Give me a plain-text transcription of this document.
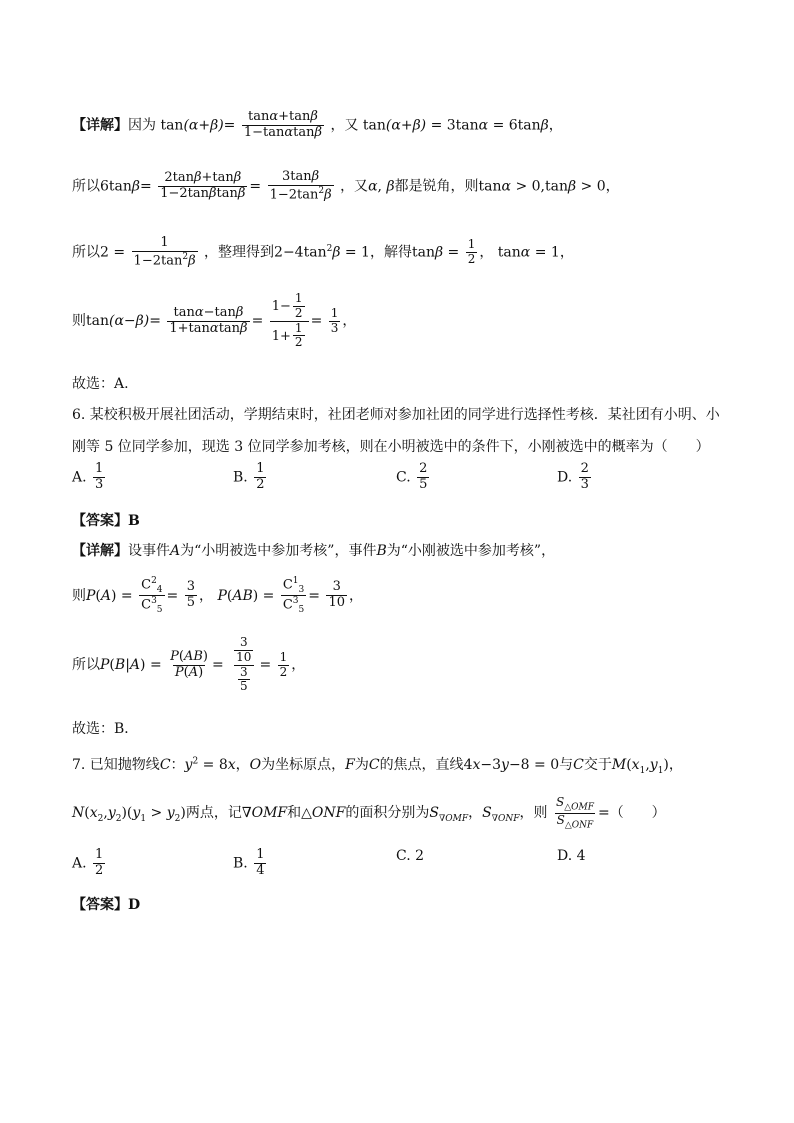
【详解】因为 $\tan(\alpha+\beta)= \frac{\tan\alpha+\tan\beta}{1-\tan\alpha\tan\beta}$ ，又 tan(α+β) = 3tanα = 6tanβ，
所以$6\tan\beta= \frac{2\tan\beta+\tan\beta}{1-2\tan\beta\tan\beta} = \frac{3\tan\beta}{1-2\tan^2\beta}$ ，又α, β都是锐角，则tanα > 0,tanβ > 0，
所以$2 = \frac{1}{1-2\tan^2\beta}$ ，整理得到$2-4\tan^2\beta = 1$，解得$\tan\beta = \frac{1}{2}$ ， tanα = 1，
则$\tan(\alpha-\beta)= \frac{\tan\alpha-\tan\beta}{1+\tan\alpha\tan\beta} = \frac{1- \frac{1}{2}}{1+ \frac{1}{2}} = \frac{1}{3}$ ，
故选：A.
6. 某校积极开展社团活动，学期结束时，社团老师对参加社团的同学进行选择性考核．某社团有小明、小
刚等 5 位同学参加，现选 3 位同学参加考核，则在小明被选中的条件下，小刚被选中的概率为（　　）
A. $\frac{1}{3}$	B. $\frac{1}{2}$	C. $\frac{2}{5}$	D. $\frac{2}{3}$
【答案】B
【详解】设事件A为“小明被选中参加考核”，事件B为“小刚被选中参加考核”，
则$P(A) = \frac{C^2_4}{C^3_5} = \frac{3}{5}$ ， $P(AB) = \frac{C^1_3}{C^3_5} = \frac{3}{10}$ ，
所以$P(B|A) = \frac{P(AB)}{P(A)} = \frac{\frac{3}{10}}{\frac{3}{5}} = \frac{1}{2}$ ，
故选：B．
7. 已知抛物线C：$y^2 = 8x$，O为坐标原点，F为C的焦点，直线4x−3y−8 = 0与C交于$M(x_1,y_1)$，
$N(x_2,y_2)(y_1 > y_2)$两点，记∇OMF和△ONF的面积分别为$S_{\nabla OMF}$，$S_{\nabla ONF}$，则 $\frac{S_{\triangle OMF}}{S_{\triangle ONF}}$ =（　　）
A. $\frac{1}{2}$	B. $\frac{1}{4}$	C. 2	D. 4
【答案】D
